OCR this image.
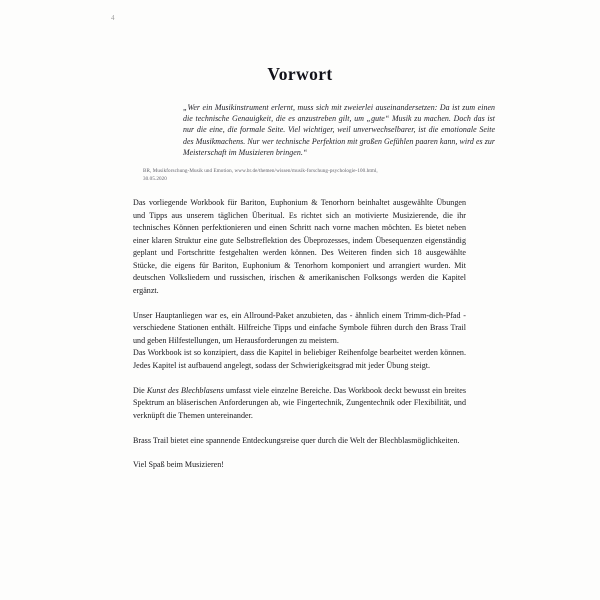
4
Vorwort

„Wer ein Musikinstrument erlernt, muss sich mit zweierlei auseinandersetzen: Da ist zum einen die technische Genauigkeit, die es anzustreben gilt, um „gute“ Musik zu machen. Doch das ist nur die eine, die formale Seite. Viel wichtiger, weil unverwechselbarer, ist die emotionale Seite des Musikmachens. Nur wer technische Perfektion mit großen Gefühlen paaren kann, wird es zur Meisterschaft im Musizieren bringen.“

BR, Musikforschung-Musik und Emotion, www.br.de/themen/wissen/musik-forschung-psychologie-100.html,
30.05.2020

Das vorliegende Workbook für Bariton, Euphonium & Tenorhorn beinhaltet ausgewählte Übungen und Tipps aus unserem täglichen Überitual. Es richtet sich an motivierte Musizierende, die ihr technisches Können perfektionieren und einen Schritt nach vorne machen möchten. Es bietet neben einer klaren Struktur eine gute Selbstreflektion des Übeprozesses, indem Übesequenzen eigenständig geplant und Fortschritte festgehalten werden können. Des Weiteren finden sich 18 ausgewählte Stücke, die eigens für Bariton, Euphonium & Tenorhorn komponiert und arrangiert wurden. Mit deutschen Volksliedern und russischen, irischen & amerikanischen Folksongs werden die Kapitel ergänzt.

Unser Hauptanliegen war es, ein Allround-Paket anzubieten, das - ähnlich einem Trimm-dich-Pfad - verschiedene Stationen enthält. Hilfreiche Tipps und einfache Symbole führen durch den Brass Trail und geben Hilfestellungen, um Herausforderungen zu meistern.

Das Workbook ist so konzipiert, dass die Kapitel in beliebiger Reihenfolge bearbeitet werden können. Jedes Kapitel ist aufbauend angelegt, sodass der Schwierigkeitsgrad mit jeder Übung steigt.

Die Kunst des Blechblasens umfasst viele einzelne Bereiche. Das Workbook deckt bewusst ein breites Spektrum an bläserischen Anforderungen ab, wie Fingertechnik, Zungentechnik oder Flexibilität, und verknüpft die Themen untereinander.

Brass Trail bietet eine spannende Entdeckungsreise quer durch die Welt der Blechblasmöglichkeiten.

Viel Spaß beim Musizieren!
